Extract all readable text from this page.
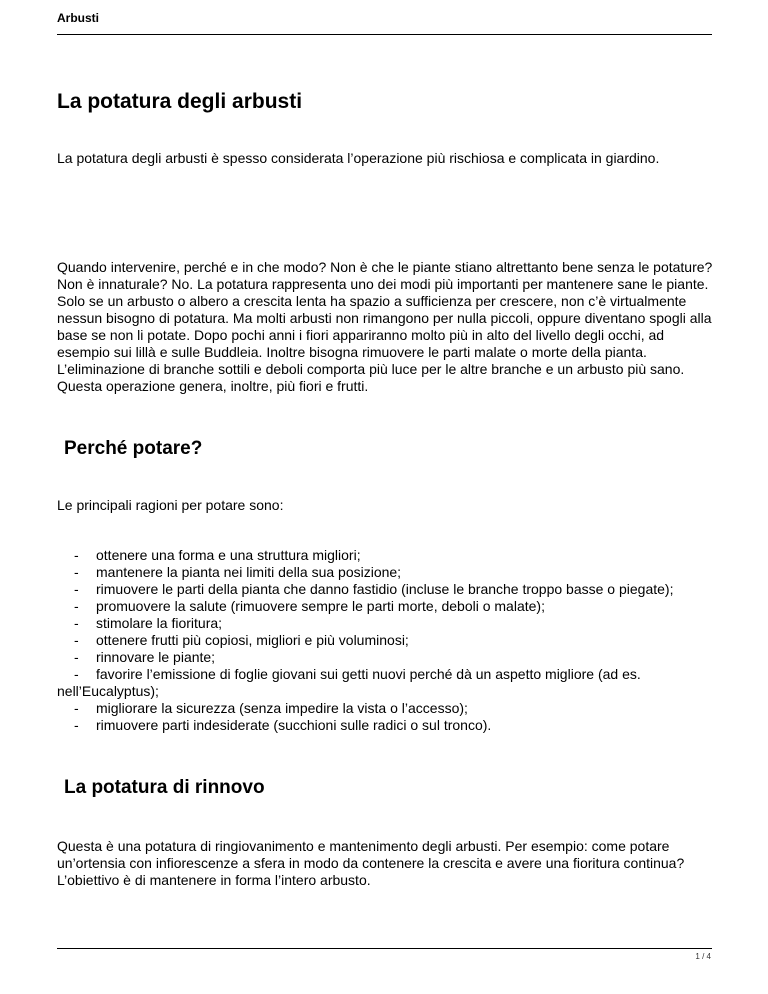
Arbusti
La potatura degli arbusti

La potatura degli arbusti è spesso considerata l’operazione più rischiosa e complicata in giardino.

Quando intervenire, perché e in che modo? Non è che le piante stiano altrettanto bene senza le potature? Non è innaturale? No. La potatura rappresenta uno dei modi più importanti per mantenere sane le piante. Solo se un arbusto o albero a crescita lenta ha spazio a sufficienza per crescere, non c’è virtualmente nessun bisogno di potatura. Ma molti arbusti non rimangono per nulla piccoli, oppure diventano spogli alla base se non li potate. Dopo pochi anni i fiori appariranno molto più in alto del livello degli occhi, ad esempio sui lillà e sulle Buddleia. Inoltre bisogna rimuovere le parti malate o morte della pianta. L’eliminazione di branche sottili e deboli comporta più luce per le altre branche e un arbusto più sano. Questa operazione genera, inoltre, più fiori e frutti.

Perché potare?

Le principali ragioni per potare sono:

- ottenere una forma e una struttura migliori;
- mantenere la pianta nei limiti della sua posizione;
- rimuovere le parti della pianta che danno fastidio (incluse le branche troppo basse o piegate);
- promuovere la salute (rimuovere sempre le parti morte, deboli o malate);
- stimolare la fioritura;
- ottenere frutti più copiosi, migliori e più voluminosi;
- rinnovare le piante;
- favorire l’emissione di foglie giovani sui getti nuovi perché dà un aspetto migliore (ad es. nell’Eucalyptus);
- migliorare la sicurezza (senza impedire la vista o l’accesso);
- rimuovere parti indesiderate (succhioni sulle radici o sul tronco).
La potatura di rinnovo

Questa è una potatura di ringiovanimento e mantenimento degli arbusti. Per esempio: come potare un’ortensia con infiorescenze a sfera in modo da contenere la crescita e avere una fioritura continua? L’obiettivo è di mantenere in forma l’intero arbusto.

1 / 4
